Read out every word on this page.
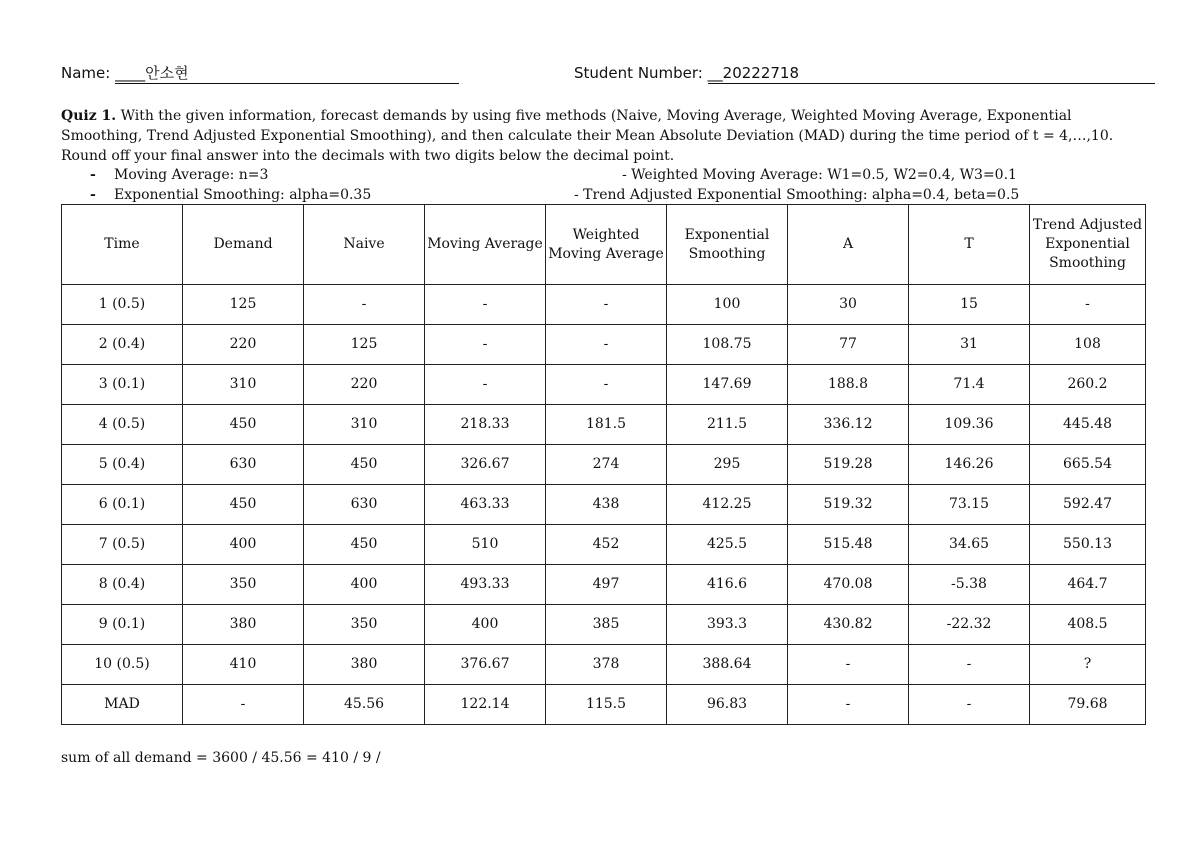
Name: ____안소현	Student Number: __20222718
Quiz 1. With the given information, forecast demands by using five methods (Naive, Moving Average, Weighted Moving Average, Exponential Smoothing, Trend Adjusted Exponential Smoothing), and then calculate their Mean Absolute Deviation (MAD) during the time period of t = 4,…,10.
Round off your final answer into the decimals with two digits below the decimal point.
- Moving Average: n=3	- Weighted Moving Average: W1=0.5, W2=0.4, W3=0.1
- Exponential Smoothing: alpha=0.35	- Trend Adjusted Exponential Smoothing: alpha=0.4, beta=0.5
Time	Demand	Naive	Moving Average	Weighted Moving Average	Exponential Smoothing	A	T	Trend Adjusted Exponential Smoothing
1 (0.5)	125	-	-	-	100	30	15	-
2 (0.4)	220	125	-	-	108.75	77	31	108
3 (0.1)	310	220	-	-	147.69	188.8	71.4	260.2
4 (0.5)	450	310	218.33	181.5	211.5	336.12	109.36	445.48
5 (0.4)	630	450	326.67	274	295	519.28	146.26	665.54
6 (0.1)	450	630	463.33	438	412.25	519.32	73.15	592.47
7 (0.5)	400	450	510	452	425.5	515.48	34.65	550.13
8 (0.4)	350	400	493.33	497	416.6	470.08	-5.38	464.7
9 (0.1)	380	350	400	385	393.3	430.82	-22.32	408.5
10 (0.5)	410	380	376.67	378	388.64	-	-	?
MAD	-	45.56	122.14	115.5	96.83	-	-	79.68
sum of all demand = 3600 / 45.56 = 410 / 9 /
